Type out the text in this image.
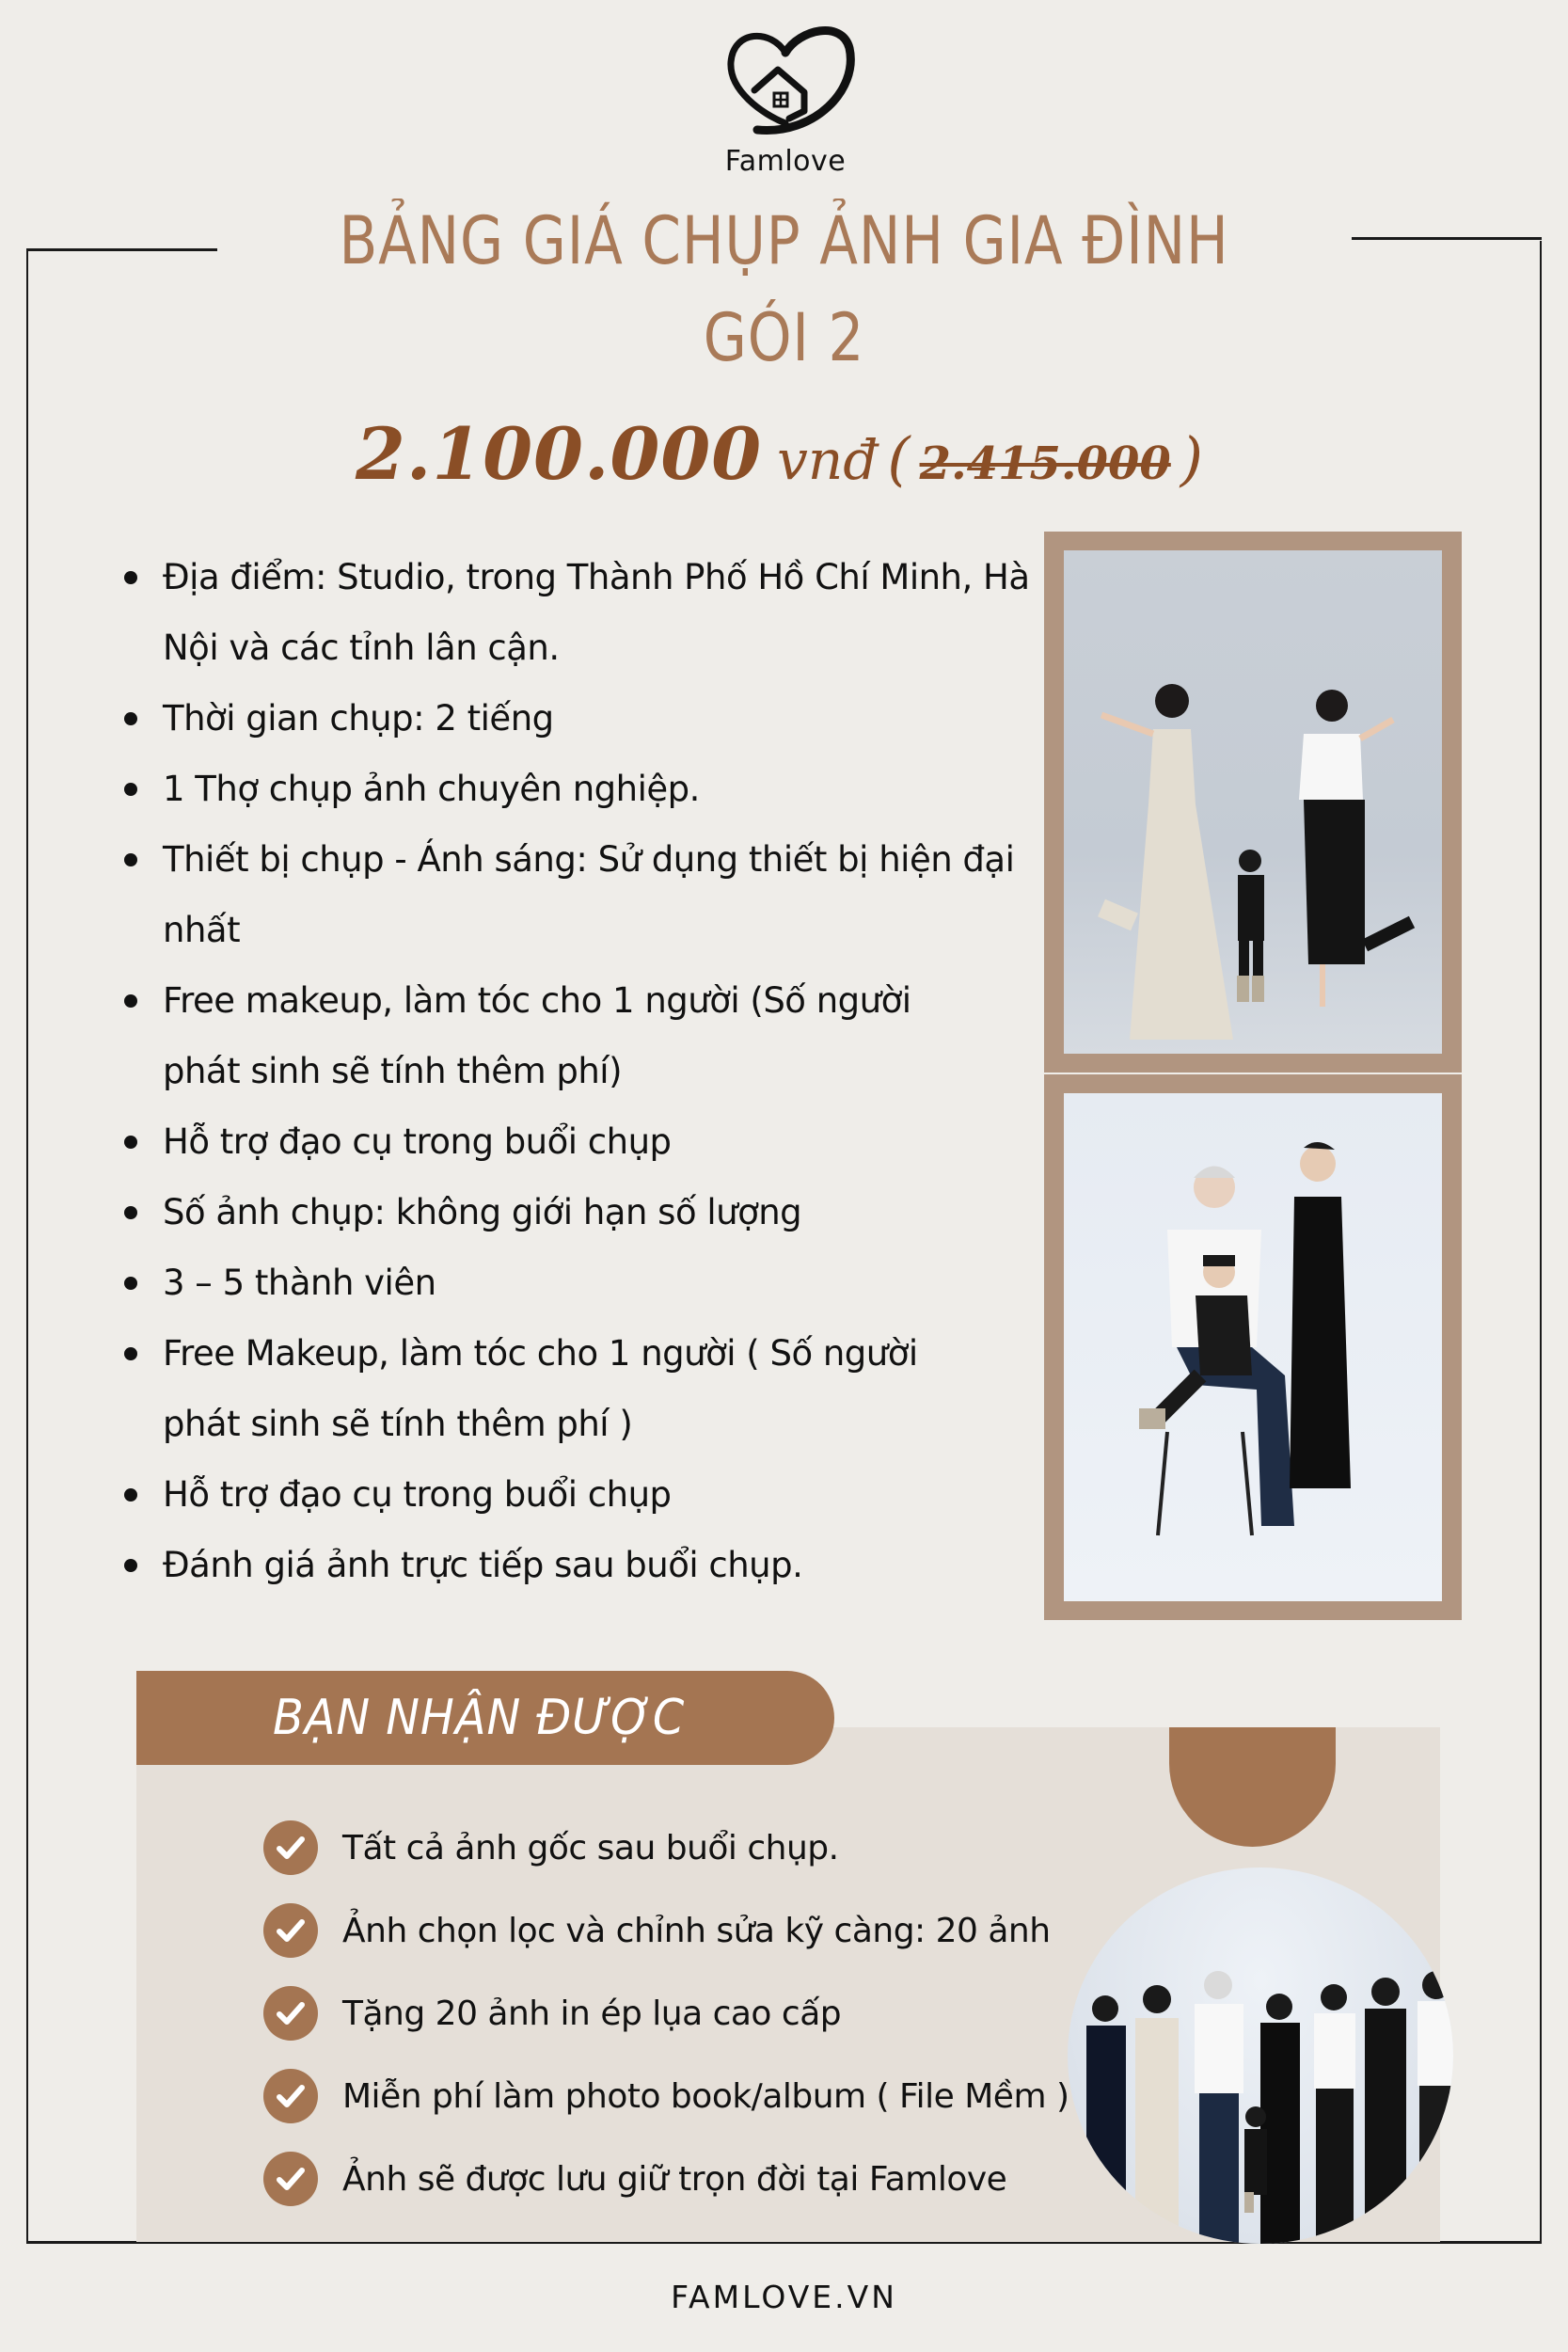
Famlove
BẢNG GIÁ CHỤP ẢNH GIA ĐÌNH
GÓI 2
2.100.000 vnđ ( 2.415.000 )
Địa điểm: Studio, trong Thành Phố Hồ Chí Minh, Hà Nội và các tỉnh lân cận.
Thời gian chụp: 2 tiếng
1 Thợ chụp ảnh chuyên nghiệp.
Thiết bị chụp - Ánh sáng: Sử dụng thiết bị hiện đại nhất
Free makeup, làm tóc cho 1 người (Số người phát sinh sẽ tính thêm phí)
Hỗ trợ đạo cụ trong buổi chụp
Số ảnh chụp: không giới hạn số lượng
3 – 5 thành viên
Free Makeup, làm tóc cho 1 người ( Số người phát sinh sẽ tính thêm phí )
Hỗ trợ đạo cụ trong buổi chụp
Đánh giá ảnh trực tiếp sau buổi chụp.
BẠN NHẬN ĐƯỢC
Tất cả ảnh gốc sau buổi chụp.
Ảnh chọn lọc và chỉnh sửa kỹ càng: 20 ảnh
Tặng 20 ảnh in ép lụa cao cấp
Miễn phí làm photo book/album ( File Mềm )
Ảnh sẽ được lưu giữ trọn đời tại Famlove
FAMLOVE.VN
